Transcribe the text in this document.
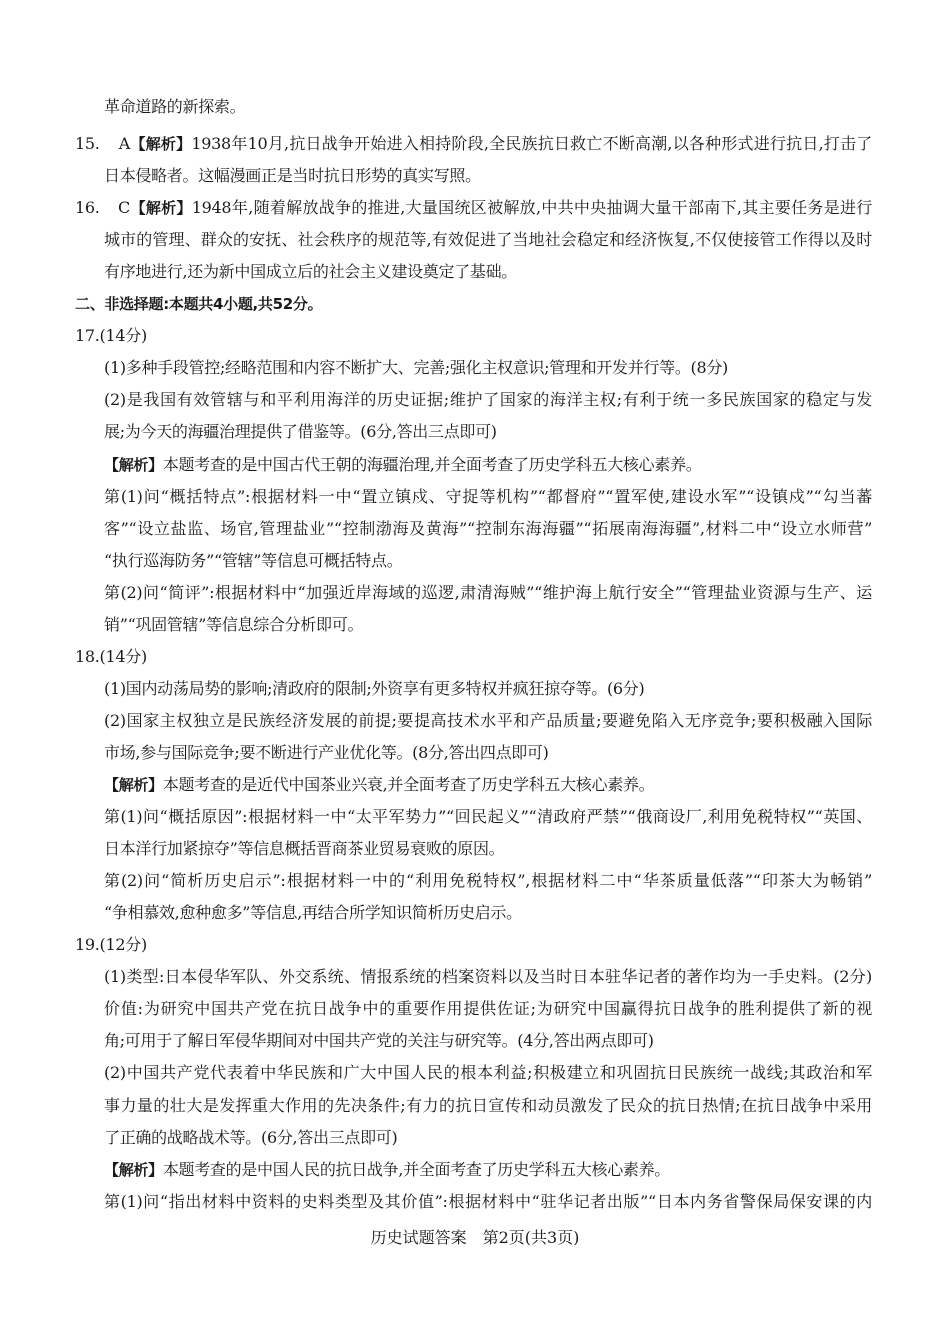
革命道路的新探索。
15. A【解析】1938年10月,抗日战争开始进入相持阶段,全民族抗日救亡不断高潮,以各种形式进行抗日,打击了
日本侵略者。这幅漫画正是当时抗日形势的真实写照。
16. C【解析】1948年,随着解放战争的推进,大量国统区被解放,中共中央抽调大量干部南下,其主要任务是进行
城市的管理、群众的安抚、社会秩序的规范等,有效促进了当地社会稳定和经济恢复,不仅使接管工作得以及时
有序地进行,还为新中国成立后的社会主义建设奠定了基础。
二、非选择题:本题共4小题,共52分。
17.(14分)
(1)多种手段管控;经略范围和内容不断扩大、完善;强化主权意识;管理和开发并行等。(8分)
(2)是我国有效管辖与和平利用海洋的历史证据;维护了国家的海洋主权;有利于统一多民族国家的稳定与发
展;为今天的海疆治理提供了借鉴等。(6分,答出三点即可)
【解析】本题考查的是中国古代王朝的海疆治理,并全面考查了历史学科五大核心素养。
第(1)问“概括特点”:根据材料一中“置立镇戍、守捉等机构”“都督府”“置军使,建设水军”“设镇戍”“勾当蕃
客”“设立盐监、场官,管理盐业”“控制渤海及黄海”“控制东海海疆”“拓展南海海疆”,材料二中“设立水师营”
“执行巡海防务”“管辖”等信息可概括特点。
第(2)问“简评”:根据材料中“加强近岸海域的巡逻,肃清海贼”“维护海上航行安全”“管理盐业资源与生产、运
销”“巩固管辖”等信息综合分析即可。
18.(14分)
(1)国内动荡局势的影响;清政府的限制;外资享有更多特权并疯狂掠夺等。(6分)
(2)国家主权独立是民族经济发展的前提;要提高技术水平和产品质量;要避免陷入无序竞争;要积极融入国际
市场,参与国际竞争;要不断进行产业优化等。(8分,答出四点即可)
【解析】本题考查的是近代中国茶业兴衰,并全面考查了历史学科五大核心素养。
第(1)问“概括原因”:根据材料一中“太平军势力”“回民起义”“清政府严禁”“俄商设厂,利用免税特权”“英国、
日本洋行加紧掠夺”等信息概括晋商茶业贸易衰败的原因。
第(2)问“简析历史启示”:根据材料一中的“利用免税特权”,根据材料二中“华茶质量低落”“印茶大为畅销”
“争相慕效,愈种愈多”等信息,再结合所学知识简析历史启示。
19.(12分)
(1)类型:日本侵华军队、外交系统、情报系统的档案资料以及当时日本驻华记者的著作均为一手史料。(2分)
价值:为研究中国共产党在抗日战争中的重要作用提供佐证;为研究中国赢得抗日战争的胜利提供了新的视
角;可用于了解日军侵华期间对中国共产党的关注与研究等。(4分,答出两点即可)
(2)中国共产党代表着中华民族和广大中国人民的根本利益;积极建立和巩固抗日民族统一战线;其政治和军
事力量的壮大是发挥重大作用的先决条件;有力的抗日宣传和动员激发了民众的抗日热情;在抗日战争中采用
了正确的战略战术等。(6分,答出三点即可)
【解析】本题考查的是中国人民的抗日战争,并全面考查了历史学科五大核心素养。
第(1)问“指出材料中资料的史料类型及其价值”:根据材料中“驻华记者出版”“日本内务省警保局保安课的内
历史试题答案　第2页(共3页)
